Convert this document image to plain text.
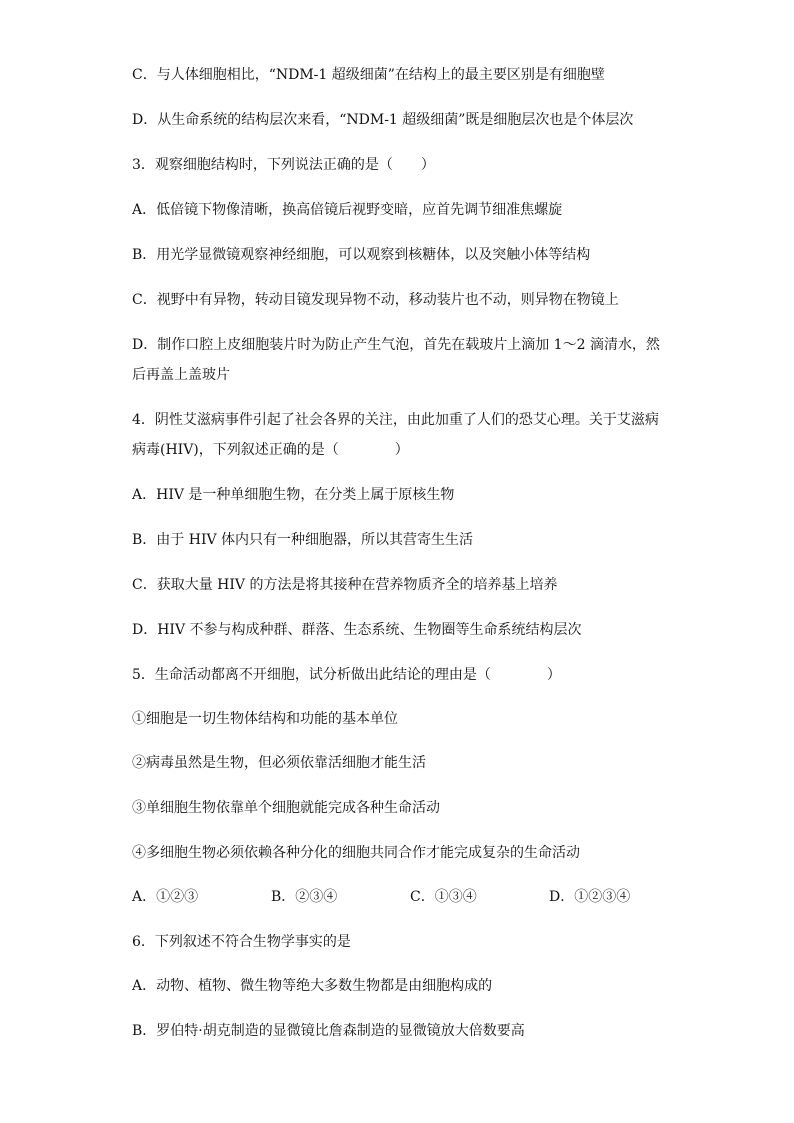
C．与人体细胞相比，“NDM-1 超级细菌”在结构上的最主要区别是有细胞壁
D．从生命系统的结构层次来看，“NDM-1 超级细菌”既是细胞层次也是个体层次
3．观察细胞结构时，下列说法正确的是（　　）
A．低倍镜下物像清晰，换高倍镜后视野变暗，应首先调节细准焦螺旋
B．用光学显微镜观察神经细胞，可以观察到核糖体，以及突触小体等结构
C．视野中有异物，转动目镜发现异物不动，移动装片也不动，则异物在物镜上
D．制作口腔上皮细胞装片时为防止产生气泡，首先在载玻片上滴加 1～2 滴清水，然
后再盖上盖玻片
4．阴性艾滋病事件引起了社会各界的关注，由此加重了人们的恐艾心理。关于艾滋病
病毒(HIV)，下列叙述正确的是（　　　　）
A．HIV 是一种单细胞生物，在分类上属于原核生物
B．由于 HIV 体内只有一种细胞器，所以其营寄生生活
C．获取大量 HIV 的方法是将其接种在营养物质齐全的培养基上培养
D．HIV 不参与构成种群、群落、生态系统、生物圈等生命系统结构层次
5．生命活动都离不开细胞，试分析做出此结论的理由是（　　　　）
①细胞是一切生物体结构和功能的基本单位
②病毒虽然是生物，但必须依靠活细胞才能生活
③单细胞生物依靠单个细胞就能完成各种生命活动
④多细胞生物必须依赖各种分化的细胞共同合作才能完成复杂的生命活动
A．①②③	B．②③④	C．①③④	D．①②③④
6．下列叙述不符合生物学事实的是
A．动物、植物、微生物等绝大多数生物都是由细胞构成的
B．罗伯特·胡克制造的显微镜比詹森制造的显微镜放大倍数要高
